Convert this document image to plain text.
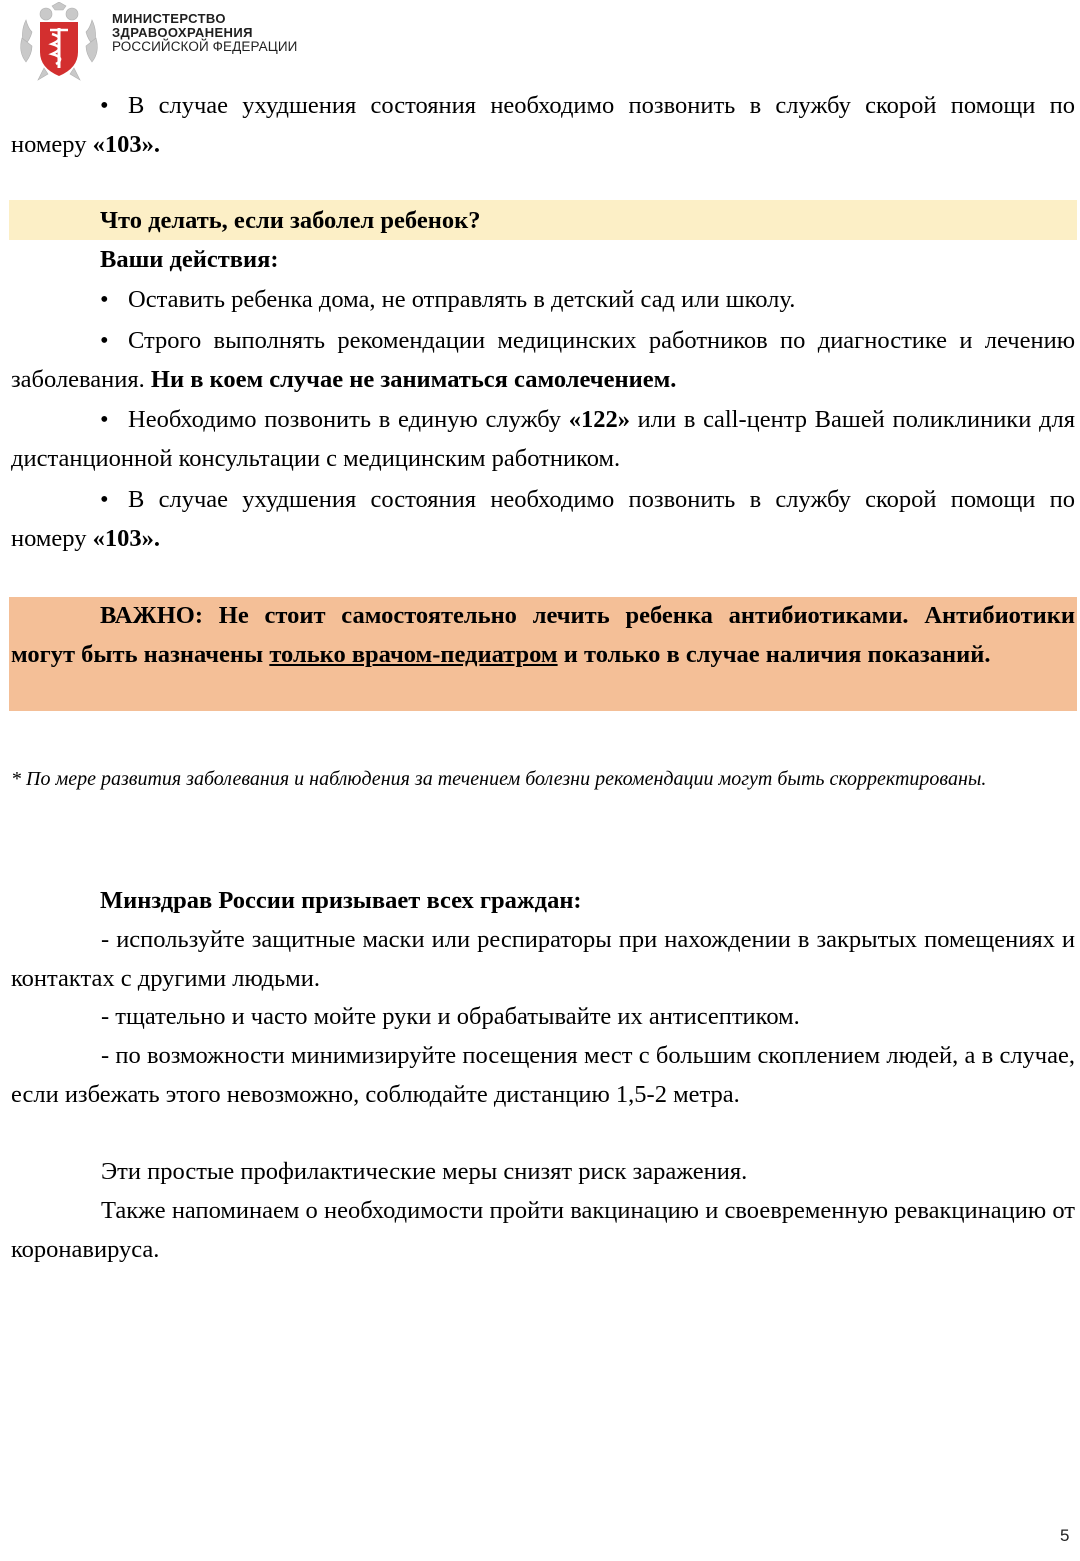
МИНИСТЕРСТВО
ЗДРАВООХРАНЕНИЯ
РОССИЙСКОЙ ФЕДЕРАЦИИ

• В случае ухудшения состояния необходимо позвонить в службу скорой помощи по номеру «103».

Что делать, если заболел ребенок?

Ваши действия:

• Оставить ребенка дома, не отправлять в детский сад или школу.

• Строго выполнять рекомендации медицинских работников по диагностике и лечению заболевания. Ни в коем случае не заниматься самолечением.

• Необходимо позвонить в единую службу «122» или в call-центр Вашей поликлиники для дистанционной консультации с медицинским работником.

• В случае ухудшения состояния необходимо позвонить в службу скорой помощи по номеру «103».

ВАЖНО: Не стоит самостоятельно лечить ребенка антибиотиками. Антибиотики могут быть назначены только врачом-педиатром и только в случае наличия показаний.

* По мере развития заболевания и наблюдения за течением болезни рекомендации могут быть скорректированы.

Минздрав России призывает всех граждан:

- используйте защитные маски или респираторы при нахождении в закрытых помещениях и контактах с другими людьми.

- тщательно и часто мойте руки и обрабатывайте их антисептиком.

- по возможности минимизируйте посещения мест с большим скоплением людей, а в случае, если избежать этого невозможно, соблюдайте дистанцию 1,5-2 метра.

Эти простые профилактические меры снизят риск заражения.

Также напоминаем о необходимости пройти вакцинацию и своевременную ревакцинацию от коронавируса.

5
